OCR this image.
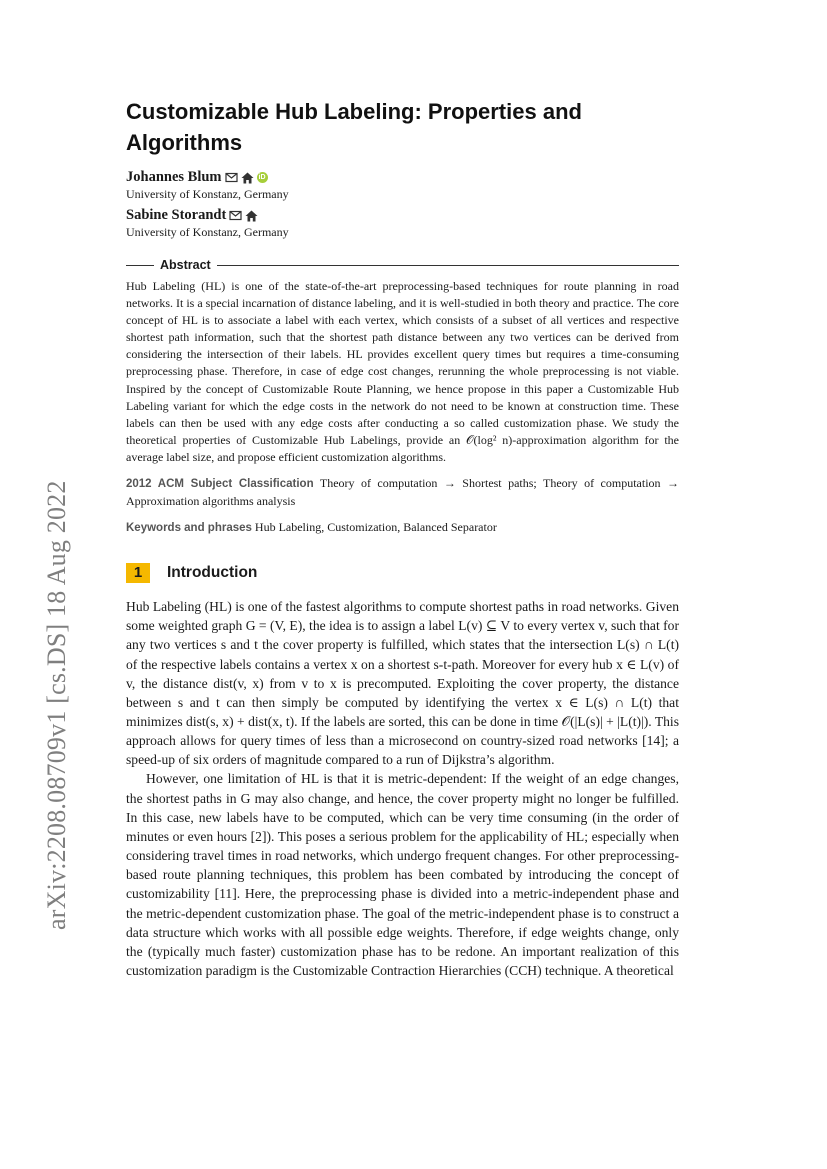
arXiv:2208.08709v1 [cs.DS] 18 Aug 2022
Customizable Hub Labeling: Properties and Algorithms
Johannes Blum	iD
University of Konstanz, Germany
Sabine Storandt
University of Konstanz, Germany
Abstract

Hub Labeling (HL) is one of the state-of-the-art preprocessing-based techniques for route planning in road networks. It is a special incarnation of distance labeling, and it is well-studied in both theory and practice. The core concept of HL is to associate a label with each vertex, which consists of a subset of all vertices and respective shortest path information, such that the shortest path distance between any two vertices can be derived from considering the intersection of their labels. HL provides excellent query times but requires a time-consuming preprocessing phase. Therefore, in case of edge cost changes, rerunning the whole preprocessing is not viable. Inspired by the concept of Customizable Route Planning, we hence propose in this paper a Customizable Hub Labeling variant for which the edge costs in the network do not need to be known at construction time. These labels can then be used with any edge costs after conducting a so called customization phase. We study the theoretical properties of Customizable Hub Labelings, provide an 𝒪(log² n)-approximation algorithm for the average label size, and propose efficient customization algorithms.

2012 ACM Subject Classification Theory of computation → Shortest paths; Theory of computation → Approximation algorithms analysis
Keywords and phrases Hub Labeling, Customization, Balanced Separator
1	Introduction

Hub Labeling (HL) is one of the fastest algorithms to compute shortest paths in road networks. Given some weighted graph G = (V, E), the idea is to assign a label L(v) ⊆ V to every vertex v, such that for any two vertices s and t the cover property is fulfilled, which states that the intersection L(s) ∩ L(t) of the respective labels contains a vertex x on a shortest s-t-path. Moreover for every hub x ∈ L(v) of v, the distance dist(v, x) from v to x is precomputed. Exploiting the cover property, the distance between s and t can then simply be computed by identifying the vertex x ∈ L(s) ∩ L(t) that minimizes dist(s, x) + dist(x, t). If the labels are sorted, this can be done in time 𝒪(|L(s)| + |L(t)|). This approach allows for query times of less than a microsecond on country-sized road networks [14]; a speed-up of six orders of magnitude compared to a run of Dijkstra’s algorithm.

However, one limitation of HL is that it is metric-dependent: If the weight of an edge changes, the shortest paths in G may also change, and hence, the cover property might no longer be fulfilled. In this case, new labels have to be computed, which can be very time consuming (in the order of minutes or even hours [2]). This poses a serious problem for the applicability of HL; especially when considering travel times in road networks, which undergo frequent changes. For other preprocessing-based route planning techniques, this problem has been combated by introducing the concept of customizability [11]. Here, the preprocessing phase is divided into a metric-independent phase and the metric-dependent customization phase. The goal of the metric-independent phase is to construct a data structure which works with all possible edge weights. Therefore, if edge weights change, only the (typically much faster) customization phase has to be redone. An important realization of this customization paradigm is the Customizable Contraction Hierarchies (CCH) technique. A theoretical
